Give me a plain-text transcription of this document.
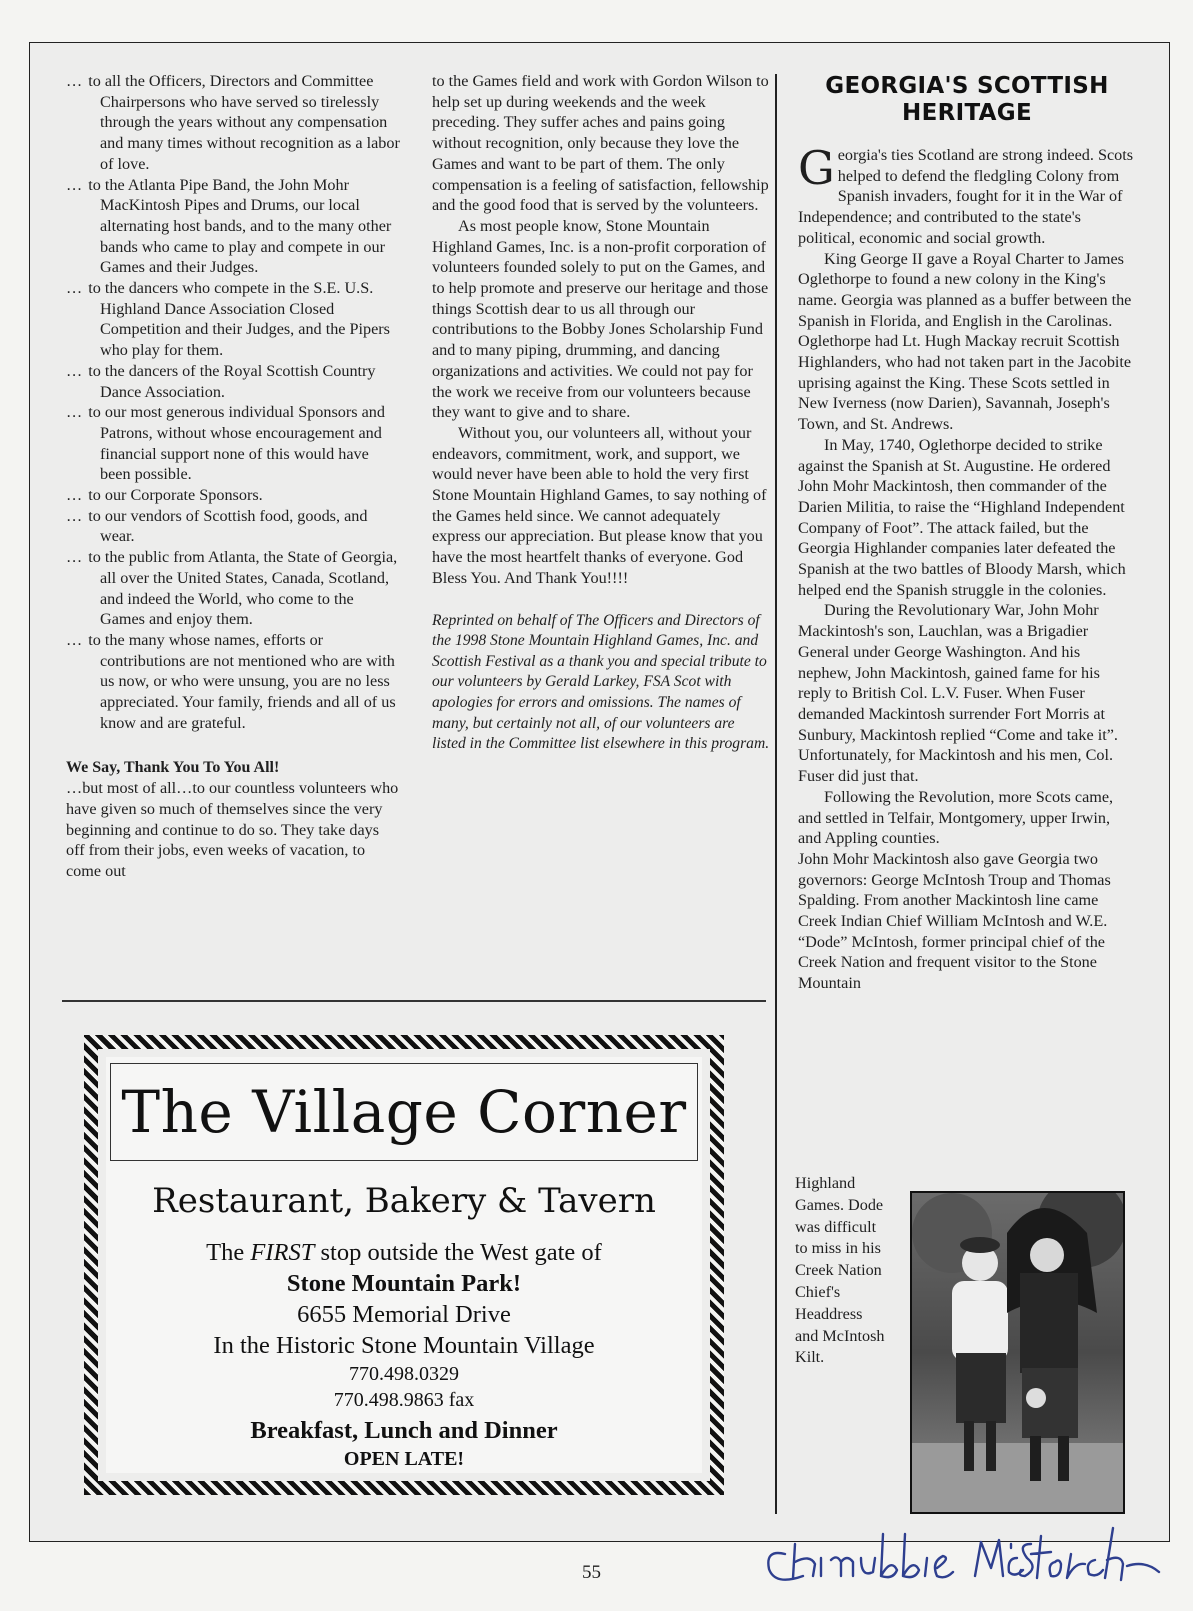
… to all the Officers, Directors and Committee Chairpersons who have served so tirelessly through the years without any compensation and many times without recognition as a labor of love.
… to the Atlanta Pipe Band, the John Mohr MacKintosh Pipes and Drums, our local alternating host bands, and to the many other bands who came to play and compete in our Games and their Judges.
… to the dancers who compete in the S.E. U.S. Highland Dance Association Closed Competition and their Judges, and the Pipers who play for them.
… to the dancers of the Royal Scottish Country Dance Association.
… to our most generous individual Sponsors and Patrons, without whose encouragement and financial support none of this would have been possible.
… to our Corporate Sponsors.
… to our vendors of Scottish food, goods, and wear.
… to the public from Atlanta, the State of Georgia, all over the United States, Canada, Scotland, and indeed the World, who come to the Games and enjoy them.
… to the many whose names, efforts or contributions are not mentioned who are with us now, or who were unsung, you are no less appreciated. Your family, friends and all of us know and are grateful.

We Say, Thank You To You All!

…but most of all…to our countless volunteers who have given so much of themselves since the very beginning and continue to do so. They take days off from their jobs, even weeks of vacation, to come out

to the Games field and work with Gordon Wilson to help set up during weekends and the week preceding. They suffer aches and pains going without recognition, only because they love the Games and want to be part of them. The only compensation is a feeling of satisfaction, fellowship and the good food that is served by the volunteers.

As most people know, Stone Mountain Highland Games, Inc. is a non-profit corporation of volunteers founded solely to put on the Games, and to help promote and preserve our heritage and those things Scottish dear to us all through our contributions to the Bobby Jones Scholarship Fund and to many piping, drumming, and dancing organizations and activities. We could not pay for the work we receive from our volunteers because they want to give and to share.

Without you, our volunteers all, without your endeavors, commitment, work, and support, we would never have been able to hold the very first Stone Mountain Highland Games, to say nothing of the Games held since. We cannot adequately express our appreciation. But please know that you have the most heartfelt thanks of everyone. God Bless You. And Thank You!!!!

Reprinted on behalf of The Officers and Directors of the 1998 Stone Mountain Highland Games, Inc. and Scottish Festival as a thank you and special tribute to our volunteers by Gerald Larkey, FSA Scot with apologies for errors and omissions. The names of many, but certainly not all, of our volunteers are listed in the Committee list elsewhere in this program.

GEORGIA'S SCOTTISH HERITAGE

Georgia's ties Scotland are strong indeed. Scots helped to defend the fledgling Colony from Spanish invaders, fought for it in the War of Independence; and contributed to the state's political, economic and social growth.

King George II gave a Royal Charter to James Oglethorpe to found a new colony in the King's name. Georgia was planned as a buffer between the Spanish in Florida, and English in the Carolinas. Oglethorpe had Lt. Hugh Mackay recruit Scottish Highlanders, who had not taken part in the Jacobite uprising against the King. These Scots settled in New Iverness (now Darien), Savannah, Joseph's Town, and St. Andrews.

In May, 1740, Oglethorpe decided to strike against the Spanish at St. Augustine. He ordered John Mohr Mackintosh, then commander of the Darien Militia, to raise the “Highland Independent Company of Foot”. The attack failed, but the Georgia Highlander companies later defeated the Spanish at the two battles of Bloody Marsh, which helped end the Spanish struggle in the colonies.

During the Revolutionary War, John Mohr Mackintosh's son, Lauchlan, was a Brigadier General under George Washington. And his nephew, John Mackintosh, gained fame for his reply to British Col. L.V. Fuser. When Fuser demanded Mackintosh surrender Fort Morris at Sunbury, Mackintosh replied “Come and take it”. Unfortunately, for Mackintosh and his men, Col. Fuser did just that.

Following the Revolution, more Scots came, and settled in Telfair, Montgomery, upper Irwin, and Appling counties.

John Mohr Mackintosh also gave Georgia two governors: George McIntosh Troup and Thomas Spalding. From another Mackintosh line came Creek Indian Chief William McIntosh and W.E. “Dode” McIntosh, former principal chief of the Creek Nation and frequent visitor to the Stone Mountain

Highland Games. Dode was difficult to miss in his Creek Nation Chief's Headdress and McIntosh Kilt.
The Village Corner
Restaurant, Bakery & Tavern
The FIRST stop outside the West gate of
Stone Mountain Park!
6655 Memorial Drive
In the Historic Stone Mountain Village
770.498.0329
770.498.9863 fax
Breakfast, Lunch and Dinner
OPEN LATE!
55
